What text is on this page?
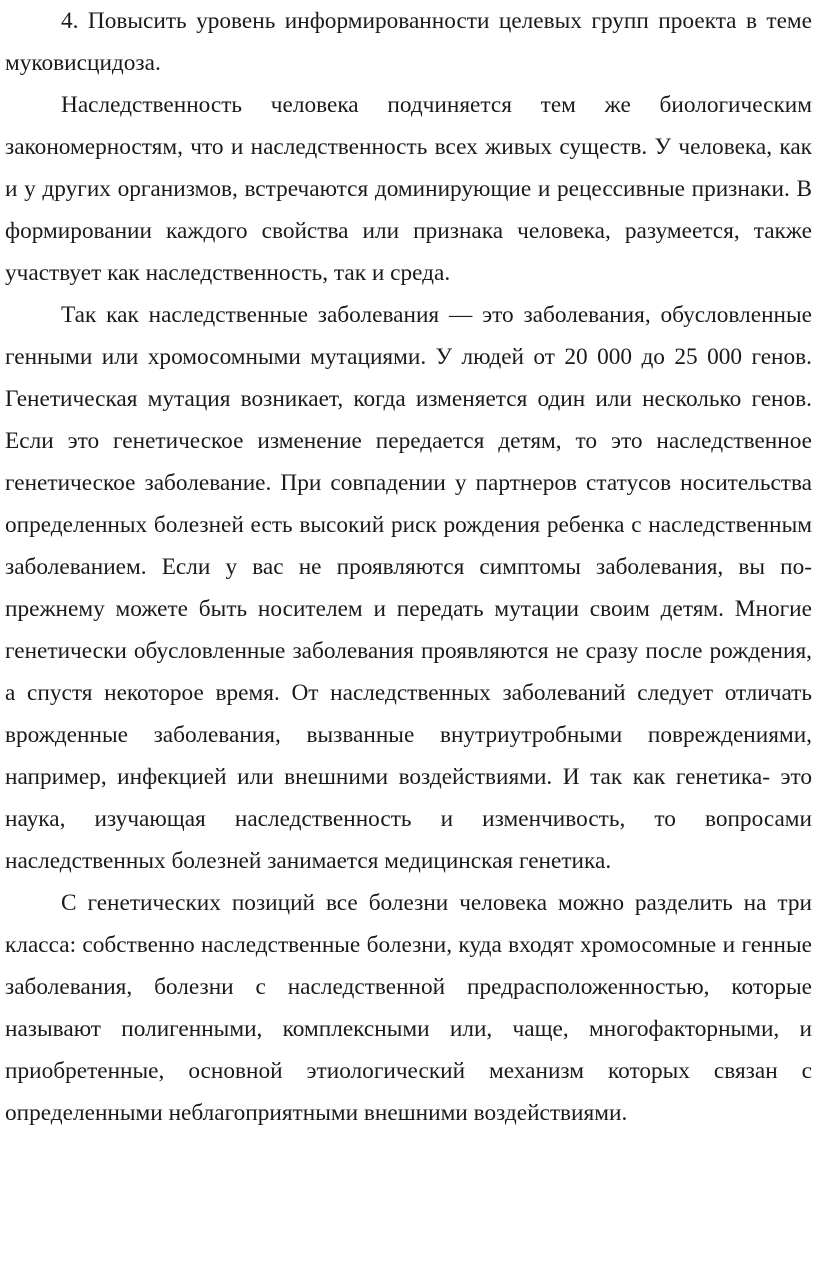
4. Повысить уровень информированности целевых групп проекта в теме муковисцидоза.

Наследственность человека подчиняется тем же биологическим закономерностям, что и наследственность всех живых существ. У человека, как и у других организмов, встречаются доминирующие и рецессивные признаки. В формировании каждого свойства или признака человека, разумеется, также участвует как наследственность, так и среда.

Так как наследственные заболевания — это заболевания, обусловленные генными или хромосомными мутациями. У людей от 20 000 до 25 000 генов. Генетическая мутация возникает, когда изменяется один или несколько генов. Если это генетическое изменение передается детям, то это наследственное генетическое заболевание. При совпадении у партнеров статусов носительства определенных болезней есть высокий риск рождения ребенка с наследственным заболеванием. Если у вас не проявляются симптомы заболевания, вы по-прежнему можете быть носителем и передать мутации своим детям. Многие генетически обусловленные заболевания проявляются не сразу после рождения, а спустя некоторое время. От наследственных заболеваний следует отличать врожденные заболевания, вызванные внутриутробными повреждениями, например, инфекцией или внешними воздействиями. И так как генетика- это наука, изучающая наследственность и изменчивость, то вопросами наследственных болезней занимается медицинская генетика.

С генетических позиций все болезни человека можно разделить на три класса: собственно наследственные болезни, куда входят хромосомные и генные заболевания, болезни с наследственной предрасположенностью, которые называют полигенными, комплексными или, чаще, многофакторными, и приобретенные, основной этиологический механизм которых связан с определенными неблагоприятными внешними воздействиями.
